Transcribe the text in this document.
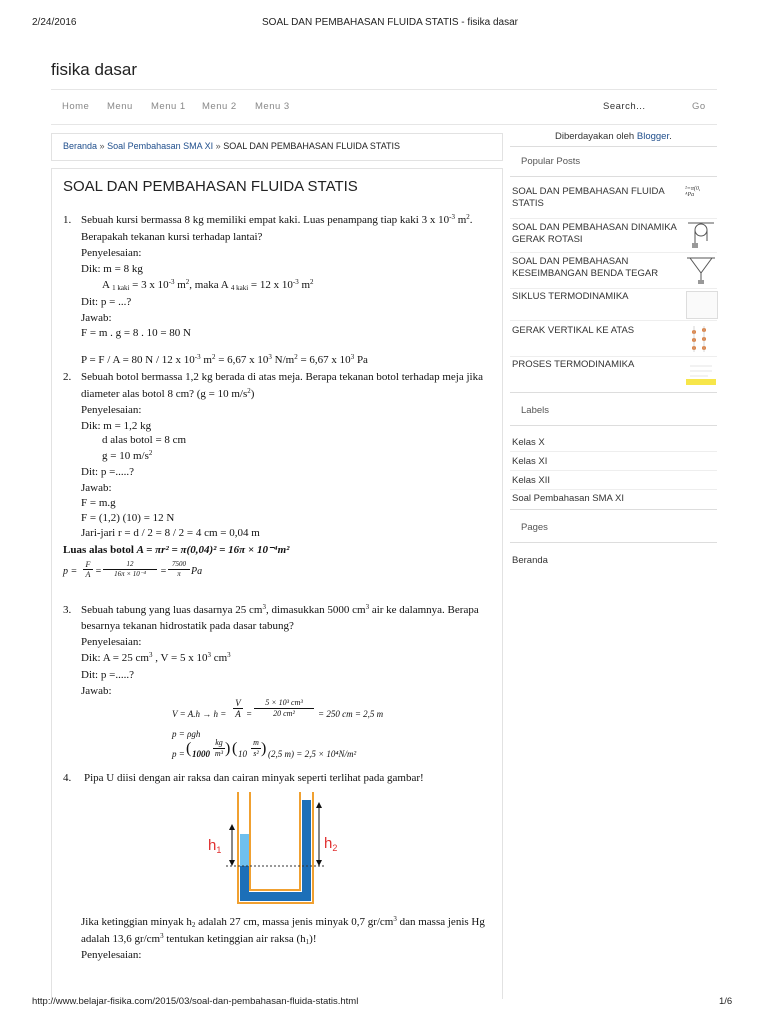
2/24/2016	SOAL DAN PEMBAHASAN FLUIDA STATIS - fisika dasar
fisika dasar
Home Menu Menu 1 Menu 2 Menu 3	Search...	Go
Beranda » Soal Pembahasan SMA XI » SOAL DAN PEMBAHASAN FLUIDA STATIS
SOAL DAN PEMBAHASAN FLUIDA STATIS
1. Sebuah kursi bermassa 8 kg memiliki empat kaki. Luas penampang tiap kaki 3 x $10^{-3}$ $m^2$.
Berapakah tekanan kursi terhadap lantai?
Penyelesaian:
Dik: m = 8 kg
A $_{1 kaki}$ = 3 x $10^{-3}$ $m^2$, maka A $_{4 kaki}$ = 12 x $10^{-3}$ $m^2$
Dit: p = ...?
Jawab:
F = m . g = 8 . 10 = 80 N
P = F / A = 80 N / 12 x $10^{-3}$ $m^2 = 6,67$ x $10^3$ $N/m^2 = 6,67$ x $10^3$ Pa
2. Sebuah botol bermassa 1,2 kg berada di atas meja. Berapa tekanan botol terhadap meja jika
diameter alas botol 8 cm? (g = 10 $m/s^2$)
Penyelesaian:
Dik: m = 1,2 kg
d alas botol = 8 cm
g = 10 $m/s^2$
Dit: p =.....?
Jawab:
F = m.g
F = (1,2) (10) = 12 N
Jari-jari r = d / 2 = 8 / 2 = 4 cm = 0,04 m
Luas alas botol A = πr² = π(0,04)² = 16π × 10⁻⁴m²
p =
F
A =
12
16π × 10⁻⁴	=
7500
π	Pa
3. Sebuah tabung yang luas dasarnya 25 $cm^3$, dimasukkan 5000 $cm^3$ air ke dalamnya. Berapa
besarnya tekanan hidrostatik pada dasar tabung?
Penyelesaian:
Dik: A = 25 $cm^3$ , V = 5 x $10^3$ $cm^3$
Dit: p =.....?
Jawab:
V = A.h → h =
V
A =
5 × 10³ cm³
20 cm²	= 250 cm = 2,5 m
p = ρgh
p = ( 1000
kg
m³ ) ( 10
m
s² ) (2,5 m) = 2,5 × 10⁴N/m²
4. Pipa U diisi dengan air raksa dan cairan minyak seperti terlihat pada gambar!
Jika ketinggian minyak $h_2$ adalah 27 cm, massa jenis minyak 0,7 $gr/cm^3$ dan massa jenis Hg
adalah 13,6 $gr/cm^3$ tentukan ketinggian air raksa $(h_1)$!
Penyelesaian:
$h_1$	$h_2$
Diberdayakan oleh Blogger.
Popular Posts
SOAL DAN PEMBAHASAN FLUIDA
STATIS
²=π(0,
ᴬPa
SOAL DAN PEMBAHASAN DINAMIKA
GERAK ROTASI
SOAL DAN PEMBAHASAN
KESEIMBANGAN BENDA TEGAR
SIKLUS TERMODINAMIKA
GERAK VERTIKAL KE ATAS
PROSES TERMODINAMIKA
Labels
Kelas X
Kelas XI
Kelas XII
Soal Pembahasan SMA XI
Pages
Beranda
http://www.belajar-fisika.com/2015/03/soal-dan-pembahasan-fluida-statis.html	1/6
